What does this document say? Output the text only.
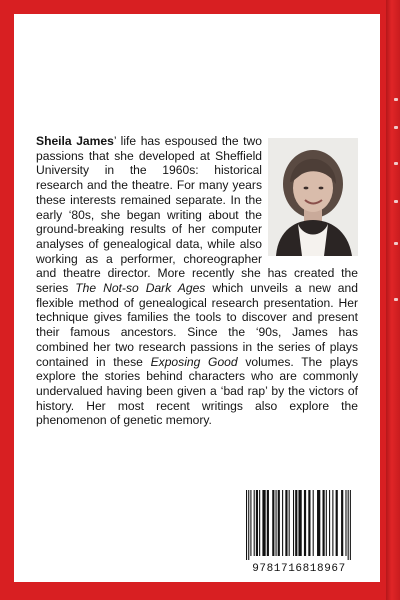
Sheila James’ life has espoused the two passions that she developed at Sheffield University in the 1960s: historical research and the theatre. For many years these interests remained separate. In the early ‘80s, she began writing about the ground-breaking results of her computer analyses of genealogical data, while also working as a performer, choreographer and theatre director. More recently she has created the series The Not-so Dark Ages which unveils a new and flexible method of genealogical research presentation. Her technique gives families the tools to discover and present their famous ancestors. Since the ‘90s, James has combined her two research passions in the series of plays contained in these Exposing Good volumes. The plays explore the stories behind characters who are commonly undervalued having been given a ‘bad rap’ by the victors of history. Her most recent writings also explore the phenomenon of genetic memory.
9781716818967
